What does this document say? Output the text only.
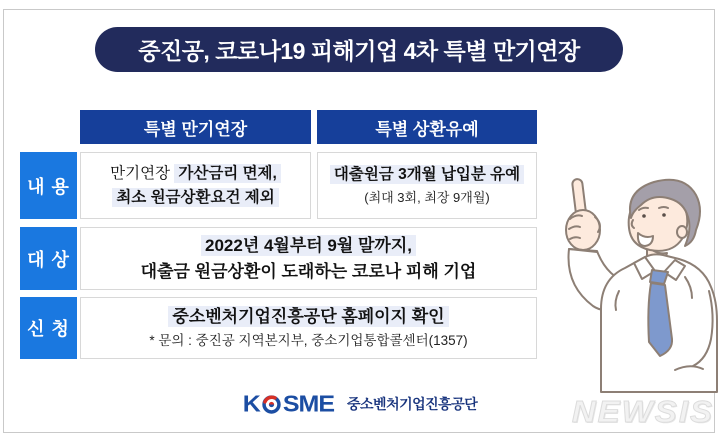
중진공, 코로나19 피해기업 4차 특별 만기연장
특별 만기연장	특별 상환유예
내 용
대 상
신 청
만기연장 가산금리 면제,
최소 원금상환요건 제외
대출원금 3개월 납입분 유예
(최대 3회, 최장 9개월)
2022년 4월부터 9월 말까지,
대출금 원금상환이 도래하는 코로나 피해 기업
중소벤처기업진흥공단 홈페이지 확인
* 문의 : 중진공 지역본지부, 중소기업통합콜센터(1357)
K SME 중소벤처기업진흥공단	NEWSIS
